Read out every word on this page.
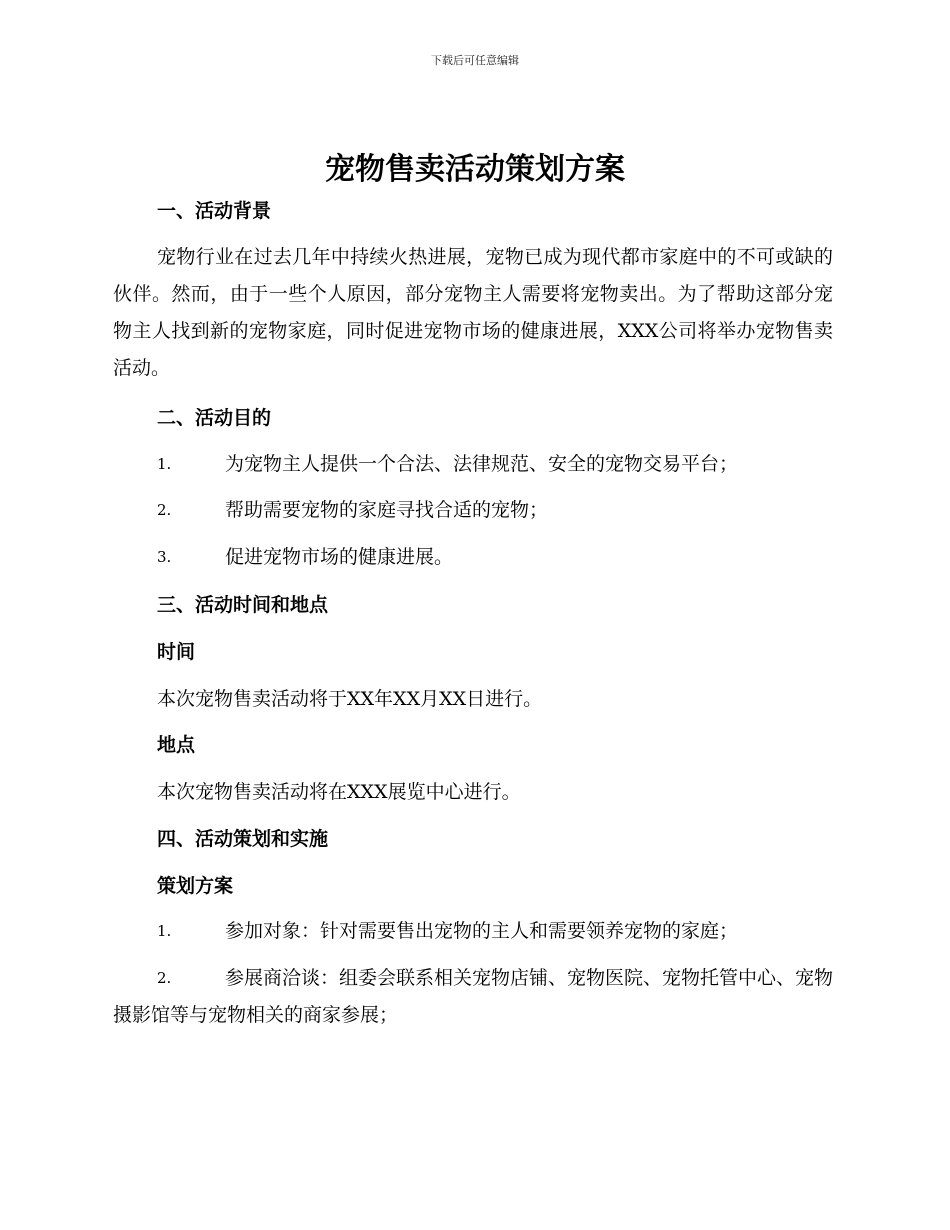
下载后可任意编辑
宠物售卖活动策划方案
一、活动背景

宠物行业在过去几年中持续火热进展，宠物已成为现代都市家庭中的不可或缺的伙伴。然而，由于一些个人原因，部分宠物主人需要将宠物卖出。为了帮助这部分宠物主人找到新的宠物家庭，同时促进宠物市场的健康进展，XXX公司将举办宠物售卖活动。

二、活动目的
1.	为宠物主人提供一个合法、法律规范、安全的宠物交易平台；
2.	帮助需要宠物的家庭寻找合适的宠物；
3.	促进宠物市场的健康进展。
三、活动时间和地点
时间

本次宠物售卖活动将于XX年XX月XX日进行。

地点

本次宠物售卖活动将在XXX展览中心进行。

四、活动策划和实施
策划方案
1.	参加对象：针对需要售出宠物的主人和需要领养宠物的家庭；
2.	参展商洽谈：组委会联系相关宠物店铺、宠物医院、宠物托管中心、宠物摄影馆等与宠物相关的商家参展；
